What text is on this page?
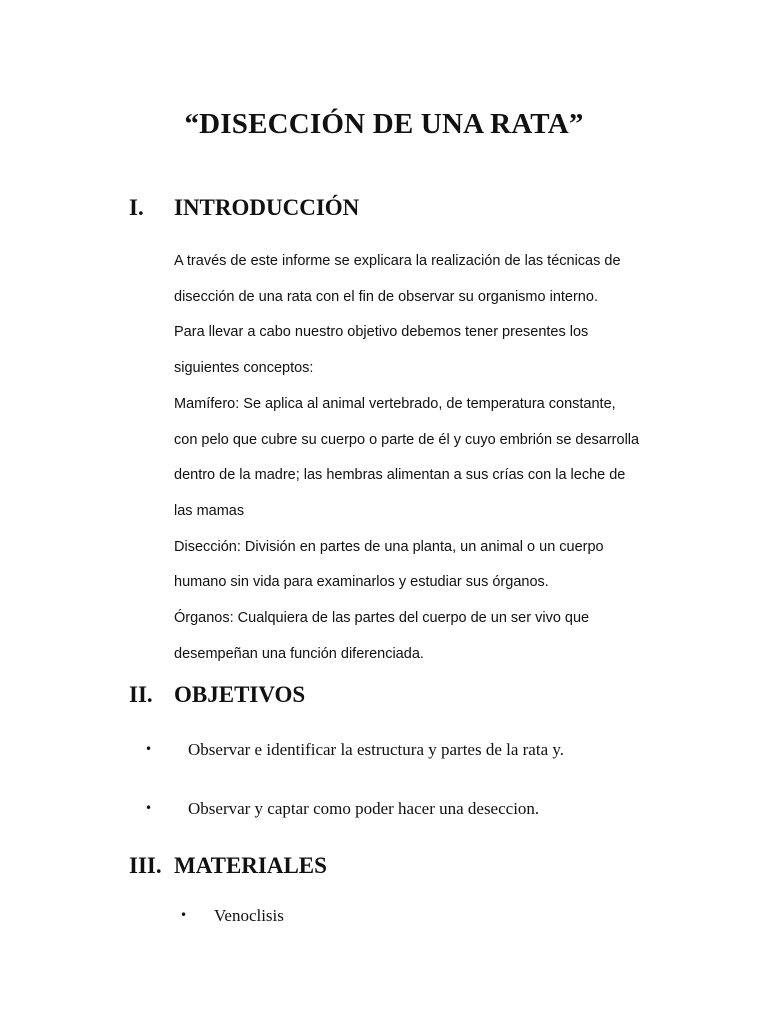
“DISECCIÓN DE UNA RATA”
I. INTRODUCCIÓN

A través de este informe se explicara la realización de las técnicas de

disección de una rata con el fin de observar su organismo interno.

Para llevar a cabo nuestro objetivo debemos tener presentes los

siguientes conceptos:

Mamífero: Se aplica al animal vertebrado, de temperatura constante,

con pelo que cubre su cuerpo o parte de él y cuyo embrión se desarrolla

dentro de la madre; las hembras alimentan a sus crías con la leche de

las mamas

Disección: División en partes de una planta, un animal o un cuerpo

humano sin vida para examinarlos y estudiar sus órganos.

Órganos: Cualquiera de las partes del cuerpo de un ser vivo que

desempeñan una función diferenciada.

II. OBJETIVOS
• Observar e identificar la estructura y partes de la rata y.
• Observar y captar como poder hacer una deseccion.
III. MATERIALES
• Venoclisis
